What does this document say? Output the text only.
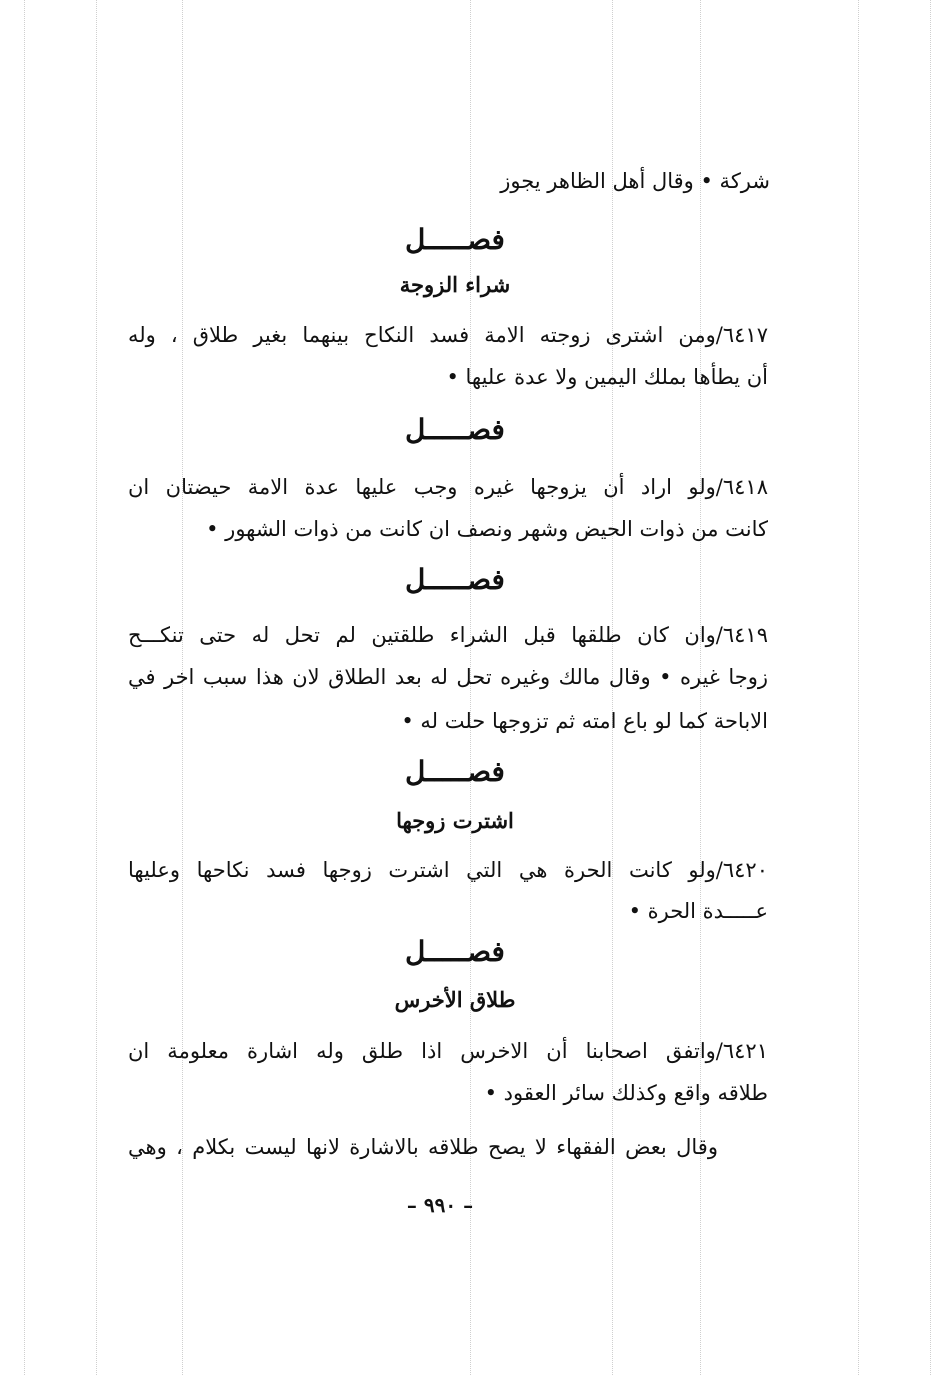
شركة • وقال أهل الظاهر يجوز
فصـــــل
شراء الزوجة
٦٤١٧/ومن اشترى زوجته الامة فسد النكاح بينهما بغير طلاق ، وله
أن يطأها بملك اليمين ولا عدة عليها •
فصـــــل
٦٤١٨/ولو اراد أن يزوجها غيره وجب عليها عدة الامة حيضتان ان
كانت من ذوات الحيض وشهر ونصف ان كانت من ذوات الشهور •
فصـــــل
٦٤١٩/وان كان طلقها قبل الشراء طلقتين لم تحل له حتى تنكـــح
زوجا غيره • وقال مالك وغيره تحل له بعد الطلاق لان هذا سبب اخر في
الاباحة كما لو باع امته ثم تزوجها حلت له •
فصـــــل
اشترت زوجها
٦٤٢٠/ولو كانت الحرة هي التي اشترت زوجها فسد نكاحها وعليها
عـــــدة الحرة •
فصـــــل
طلاق الأخرس
٦٤٢١/واتفق اصحابنا أن الاخرس اذا طلق وله اشارة معلومة ان
طلاقه واقع وكذلك سائر العقود •
وقال بعض الفقهاء لا يصح طلاقه بالاشارة لانها ليست بكلام ، وهي
– ٩٩٠ –
